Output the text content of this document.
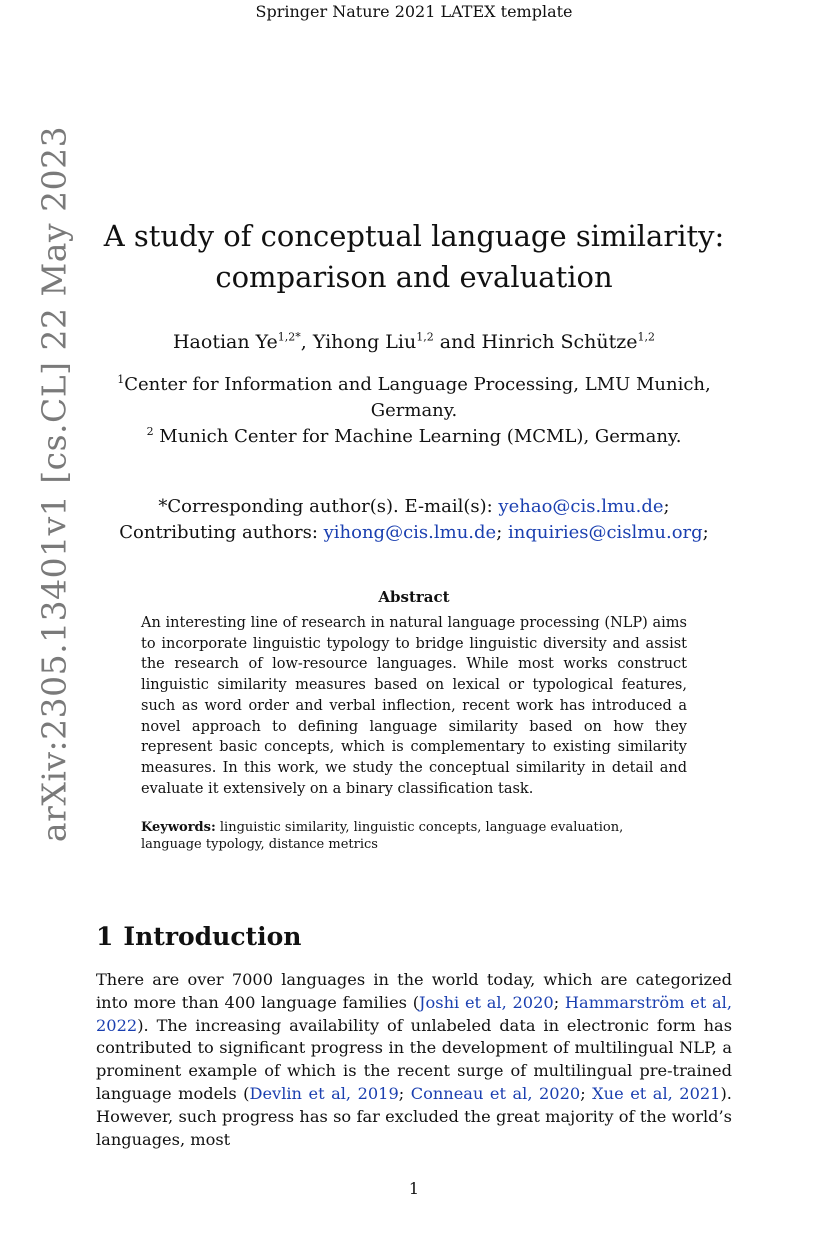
Springer Nature 2021 LATEX template
arXiv:2305.13401v1 [cs.CL] 22 May 2023 A study of conceptual language similarity:
comparison and evaluation
Haotian $Ye^{1,2*}$, Yihong Liu$^{1,2}$ and Hinrich Schütze$^{1,2}$
$^1$Center for Information and Language Processing, LMU Munich, Germany.
$^2$ Munich Center for Machine Learning (MCML), Germany.
*Corresponding author(s). E-mail(s): yehao@cis.lmu.de;
Contributing authors: yihong@cis.lmu.de; inquiries@cislmu.org;
Abstract
An interesting line of research in natural language processing (NLP) aims to incorporate linguistic typology to bridge linguistic diversity and assist the research of low-resource languages. While most works construct linguistic similarity measures based on lexical or typological features, such as word order and verbal inflection, recent work has introduced a novel approach to defining language similarity based on how they represent basic concepts, which is complementary to existing similarity measures. In this work, we study the conceptual similarity in detail and evaluate it extensively on a binary classification task.
Keywords: linguistic similarity, linguistic concepts, language evaluation, language typology, distance metrics
1 Introduction
There are over 7000 languages in the world today, which are categorized into more than 400 language families (Joshi et al, 2020; Hammarström et al, 2022). The increasing availability of unlabeled data in electronic form has contributed to significant progress in the development of multilingual NLP, a prominent example of which is the recent surge of multilingual pre-trained language models (Devlin et al, 2019; Conneau et al, 2020; Xue et al, 2021). However, such progress has so far excluded the great majority of the world’s languages, most
1
